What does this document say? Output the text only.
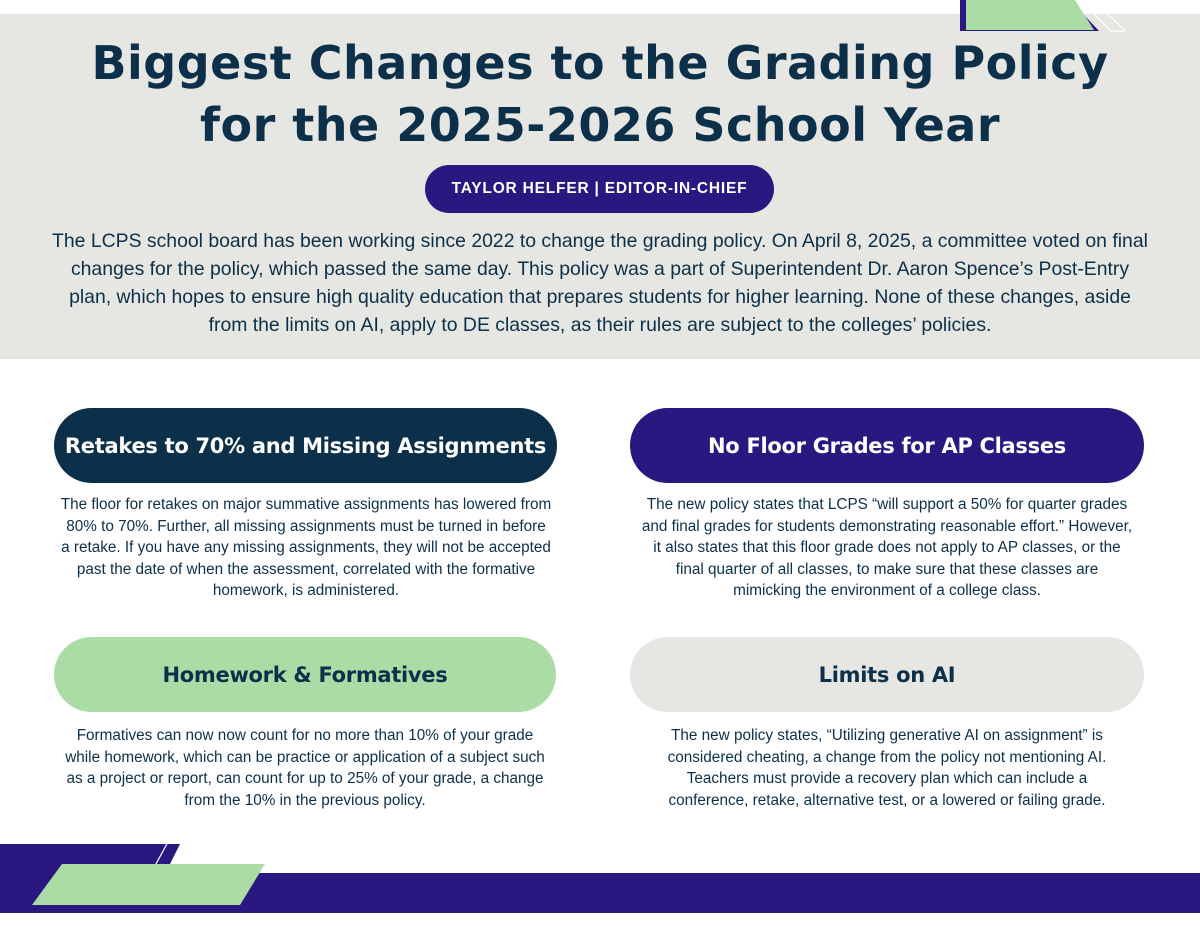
Biggest Changes to the Grading Policy
for the 2025-2026 School Year
TAYLOR HELFER | EDITOR-IN-CHIEF

The LCPS school board has been working since 2022 to change the grading policy. On April 8, 2025, a committee voted on final changes for the policy, which passed the same day. This policy was a part of Superintendent Dr. Aaron Spence’s Post-Entry plan, which hopes to ensure high quality education that prepares students for higher learning. None of these changes, aside from the limits on AI, apply to DE classes, as their rules are subject to the colleges’ policies.

Retakes to 70% and Missing Assignments

The floor for retakes on major summative assignments has lowered from 80% to 70%. Further, all missing assignments must be turned in before a retake. If you have any missing assignments, they will not be accepted past the date of when the assessment, correlated with the formative homework, is administered.

No Floor Grades for AP Classes

The new policy states that LCPS “will support a 50% for quarter grades and final grades for students demonstrating reasonable effort.” However, it also states that this floor grade does not apply to AP classes, or the final quarter of all classes, to make sure that these classes are mimicking the environment of a college class.

Homework & Formatives

Formatives can now now count for no more than 10% of your grade while homework, which can be practice or application of a subject such as a project or report, can count for up to 25% of your grade, a change from the 10% in the previous policy.

Limits on AI

The new policy states, “Utilizing generative AI on assignment” is considered cheating, a change from the policy not mentioning AI. Teachers must provide a recovery plan which can include a conference, retake, alternative test, or a lowered or failing grade.
